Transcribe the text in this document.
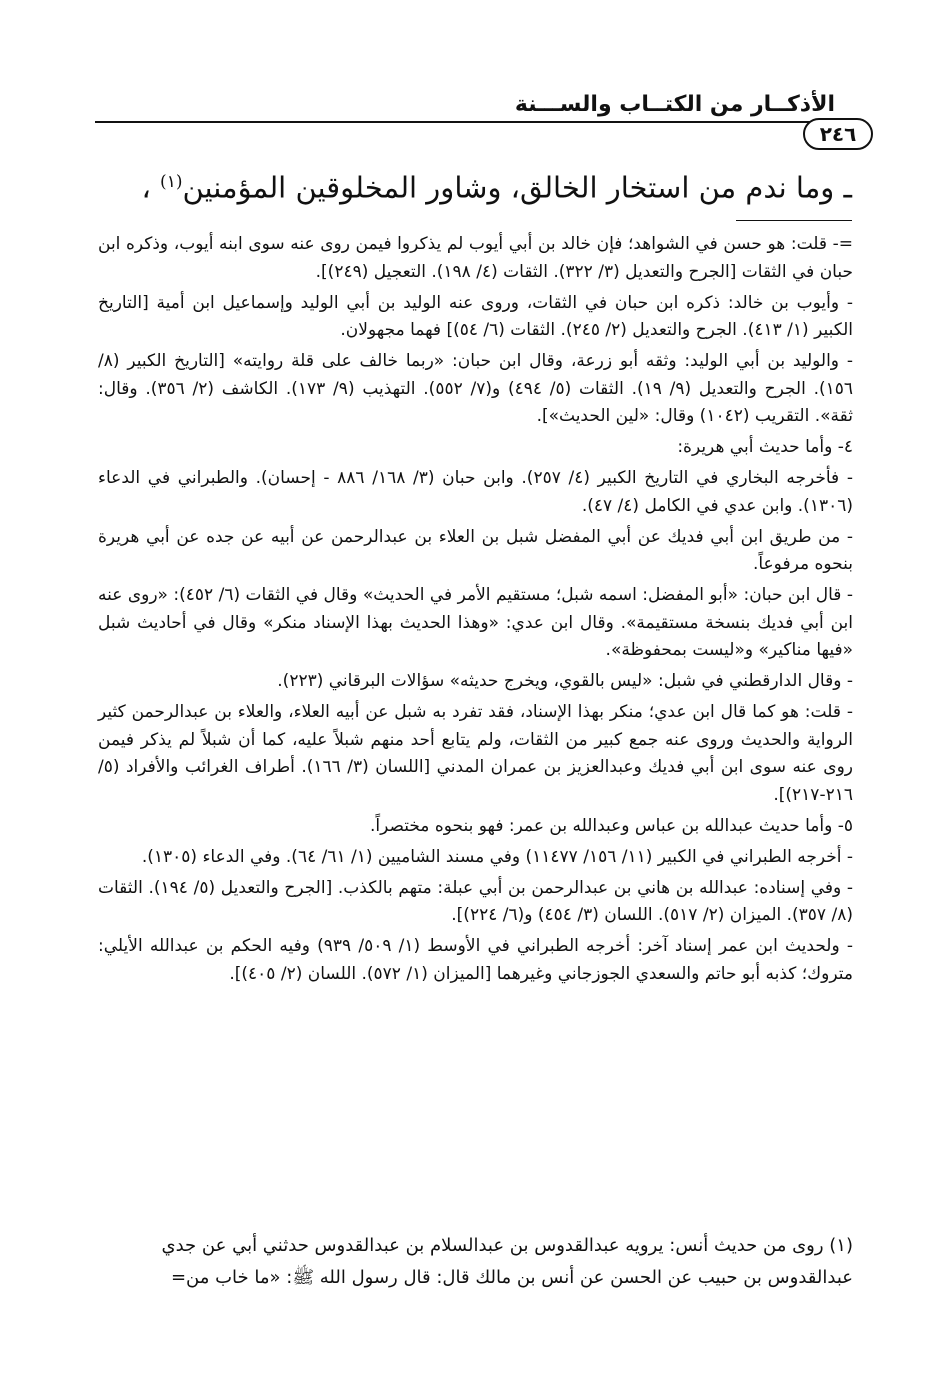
الأذكــار من الكتــاب والســـنة
٢٤٦
ـ وما ندم من استخار الخالق، وشاور المخلوقين المؤمنين$^{(١)}$ ،

=- قلت: هو حسن في الشواهد؛ فإن خالد بن أبي أيوب لم يذكروا فيمن روى عنه سوى ابنه أيوب، وذكره ابن حبان في الثقات [الجرح والتعديل (٣/ ٣٢٢). الثقات (٤/ ١٩٨). التعجيل (٢٤٩)].

- وأيوب بن خالد: ذكره ابن حبان في الثقات، وروى عنه الوليد بن أبي الوليد وإسماعيل ابن أمية [التاريخ الكبير (١/ ٤١٣). الجرح والتعديل (٢/ ٢٤٥). الثقات (٦/ ٥٤)] فهما مجهولان.

- والوليد بن أبي الوليد: وثقه أبو زرعة، وقال ابن حبان: «ربما خالف على قلة روايته» [التاريخ الكبير (٨/ ١٥٦). الجرح والتعديل (٩/ ١٩). الثقات (٥/ ٤٩٤) و(٧/ ٥٥٢). التهذيب (٩/ ١٧٣). الكاشف (٢/ ٣٥٦). وقال: ثقة». التقريب (١٠٤٢) وقال: «لين الحديث»].

٤- وأما حديث أبي هريرة:

- فأخرجه البخاري في التاريخ الكبير (٤/ ٢٥٧). وابن حبان (٣/ ١٦٨/ ٨٨٦ - إحسان). والطبراني في الدعاء (١٣٠٦). وابن عدي في الكامل (٤/ ٤٧).

- من طريق ابن أبي فديك عن أبي المفضل شبل بن العلاء بن عبدالرحمن عن أبيه عن جده عن أبي هريرة بنحوه مرفوعاً.

- قال ابن حبان: «أبو المفضل: اسمه شبل؛ مستقيم الأمر في الحديث» وقال في الثقات (٦/ ٤٥٢): «روى عنه ابن أبي فديك بنسخة مستقيمة». وقال ابن عدي: «وهذا الحديث بهذا الإسناد منكر» وقال في أحاديث شبل «فيها مناكير» و«ليست بمحفوظة».

- وقال الدارقطني في شبل: «ليس بالقوي، ويخرج حديثه» سؤالات البرقاني (٢٢٣).

- قلت: هو كما قال ابن عدي؛ منكر بهذا الإسناد، فقد تفرد به شبل عن أبيه العلاء، والعلاء بن عبدالرحمن كثير الرواية والحديث وروى عنه جمع كبير من الثقات، ولم يتابع أحد منهم شبلاً عليه، كما أن شبلاً لم يذكر فيمن روى عنه سوى ابن أبي فديك وعبدالعزيز بن عمران المدني [اللسان (٣/ ١٦٦). أطراف الغرائب والأفراد (٥/ ٢١٦-٢١٧)].

٥- وأما حديث عبدالله بن عباس وعبدالله بن عمر: فهو بنحوه مختصراً.

- أخرجه الطبراني في الكبير (١١/ ١٥٦/ ١١٤٧٧) وفي مسند الشاميين (١/ ٦١/ ٦٤). وفي الدعاء (١٣٠٥).

- وفي إسناده: عبدالله بن هاني بن عبدالرحمن بن أبي عبلة: متهم بالكذب. [الجرح والتعديل (٥/ ١٩٤). الثقات (٨/ ٣٥٧). الميزان (٢/ ٥١٧). اللسان (٣/ ٤٥٤) و(٦/ ٢٢٤)].

- ولحديث ابن عمر إسناد آخر: أخرجه الطبراني في الأوسط (١/ ٥٠٩/ ٩٣٩) وفيه الحكم بن عبدالله الأيلي: متروك؛ كذبه أبو حاتم والسعدي الجوزجاني وغيرهما [الميزان (١/ ٥٧٢). اللسان (٢/ ٤٠٥)].

(١) روى من حديث أنس: يرويه عبدالقدوس بن عبدالسلام بن عبدالقدوس حدثني أبي عن جدي عبدالقدوس بن حبيب عن الحسن عن أنس بن مالك قال: قال رسول الله ﷺ: «ما خاب من=
